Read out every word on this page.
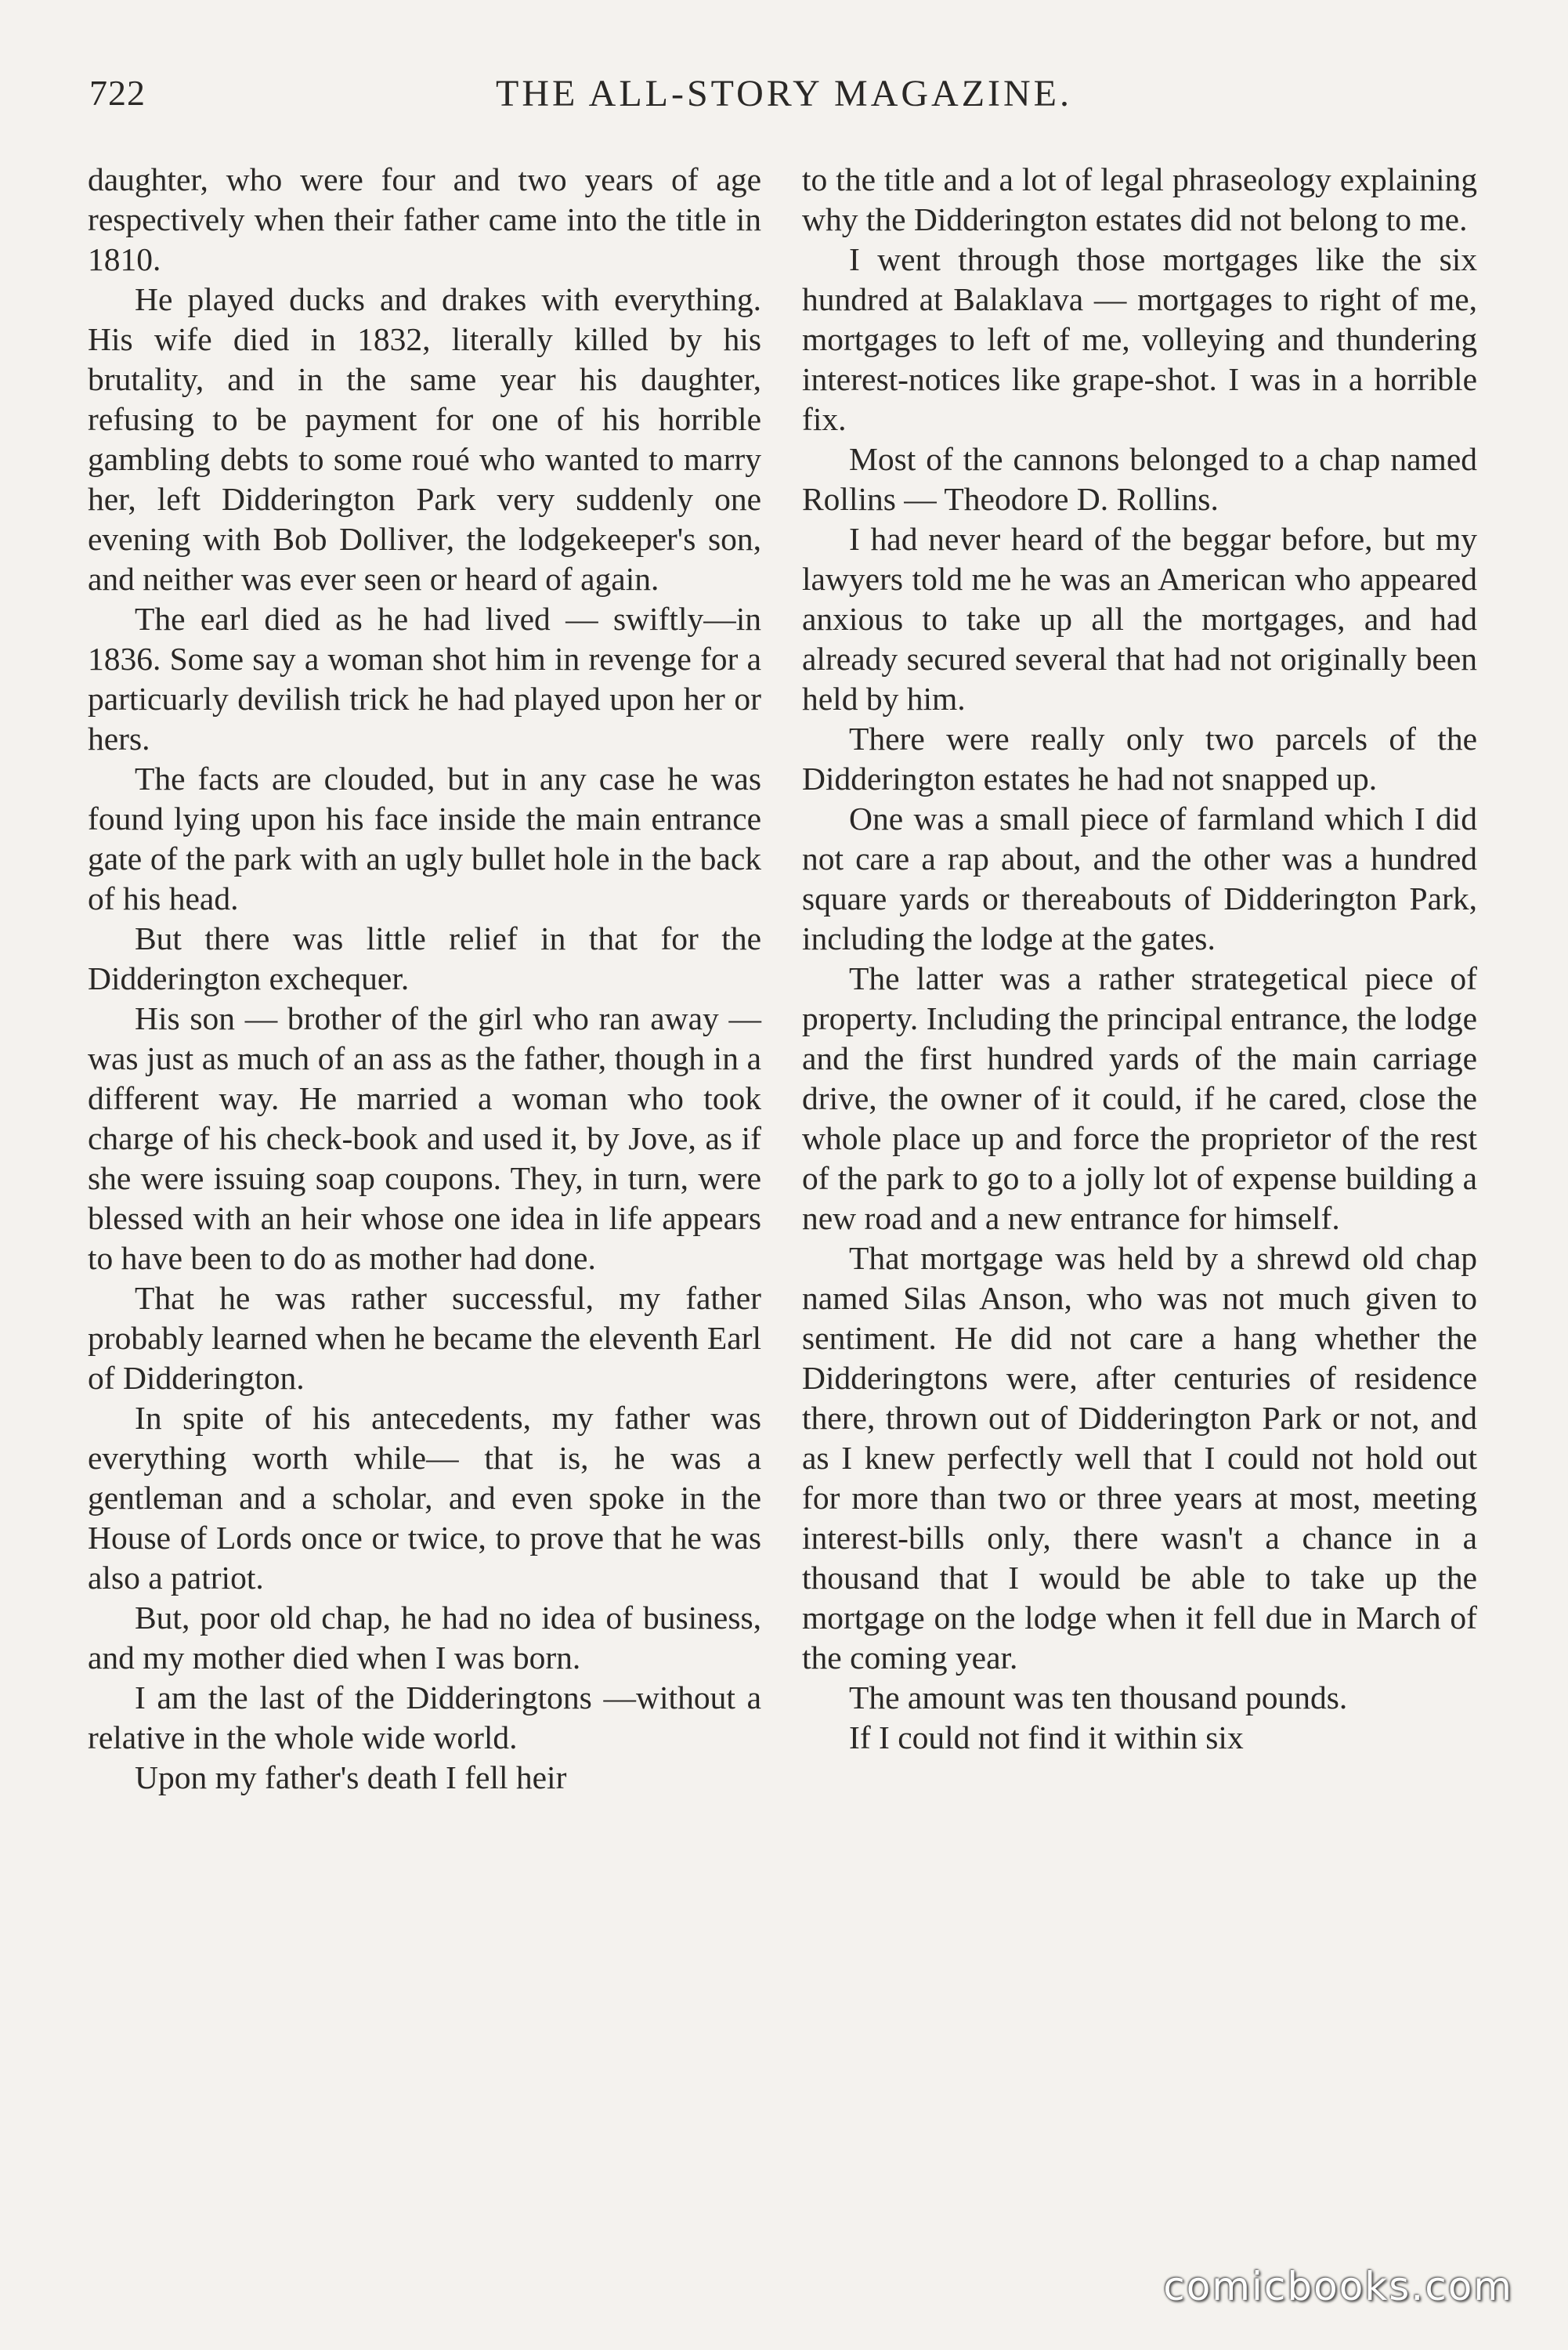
722	THE ALL-STORY MAGAZINE.

daughter, who were four and two years of age respectively when their father came into the title in 1810.

He played ducks and drakes with everything. His wife died in 1832, literally killed by his brutality, and in the same year his daughter, refusing to be payment for one of his horrible gambling debts to some roué who wanted to marry her, left Didderington Park very suddenly one evening with Bob Dolliver, the lodgekeeper's son, and neither was ever seen or heard of again.

The earl died as he had lived — swiftly—in 1836. Some say a woman shot him in revenge for a particuarly devilish trick he had played upon her or hers.

The facts are clouded, but in any case he was found lying upon his face inside the main entrance gate of the park with an ugly bullet hole in the back of his head.

But there was little relief in that for the Didderington exchequer.

His son — brother of the girl who ran away — was just as much of an ass as the father, though in a different way. He married a woman who took charge of his check-book and used it, by Jove, as if she were issuing soap coupons. They, in turn, were blessed with an heir whose one idea in life appears to have been to do as mother had done.

That he was rather successful, my father probably learned when he became the eleventh Earl of Didderington.

In spite of his antecedents, my father was everything worth while— that is, he was a gentleman and a scholar, and even spoke in the House of Lords once or twice, to prove that he was also a patriot.

But, poor old chap, he had no idea of business, and my mother died when I was born.

I am the last of the Didderingtons —without a relative in the whole wide world.

Upon my father's death I fell heir

to the title and a lot of legal phraseology explaining why the Didderington estates did not belong to me.

I went through those mortgages like the six hundred at Balaklava — mortgages to right of me, mortgages to left of me, volleying and thundering interest-notices like grape-shot. I was in a horrible fix.

Most of the cannons belonged to a chap named Rollins — Theodore D. Rollins.

I had never heard of the beggar before, but my lawyers told me he was an American who appeared anxious to take up all the mortgages, and had already secured several that had not originally been held by him.

There were really only two parcels of the Didderington estates he had not snapped up.

One was a small piece of farmland which I did not care a rap about, and the other was a hundred square yards or thereabouts of Didderington Park, including the lodge at the gates.

The latter was a rather strategetical piece of property. Including the principal entrance, the lodge and the first hundred yards of the main carriage drive, the owner of it could, if he cared, close the whole place up and force the proprietor of the rest of the park to go to a jolly lot of expense building a new road and a new entrance for himself.

That mortgage was held by a shrewd old chap named Silas Anson, who was not much given to sentiment. He did not care a hang whether the Didderingtons were, after centuries of residence there, thrown out of Didderington Park or not, and as I knew perfectly well that I could not hold out for more than two or three years at most, meeting interest-bills only, there wasn't a chance in a thousand that I would be able to take up the mortgage on the lodge when it fell due in March of the coming year.

The amount was ten thousand pounds.

If I could not find it within six

comicbooks.com
